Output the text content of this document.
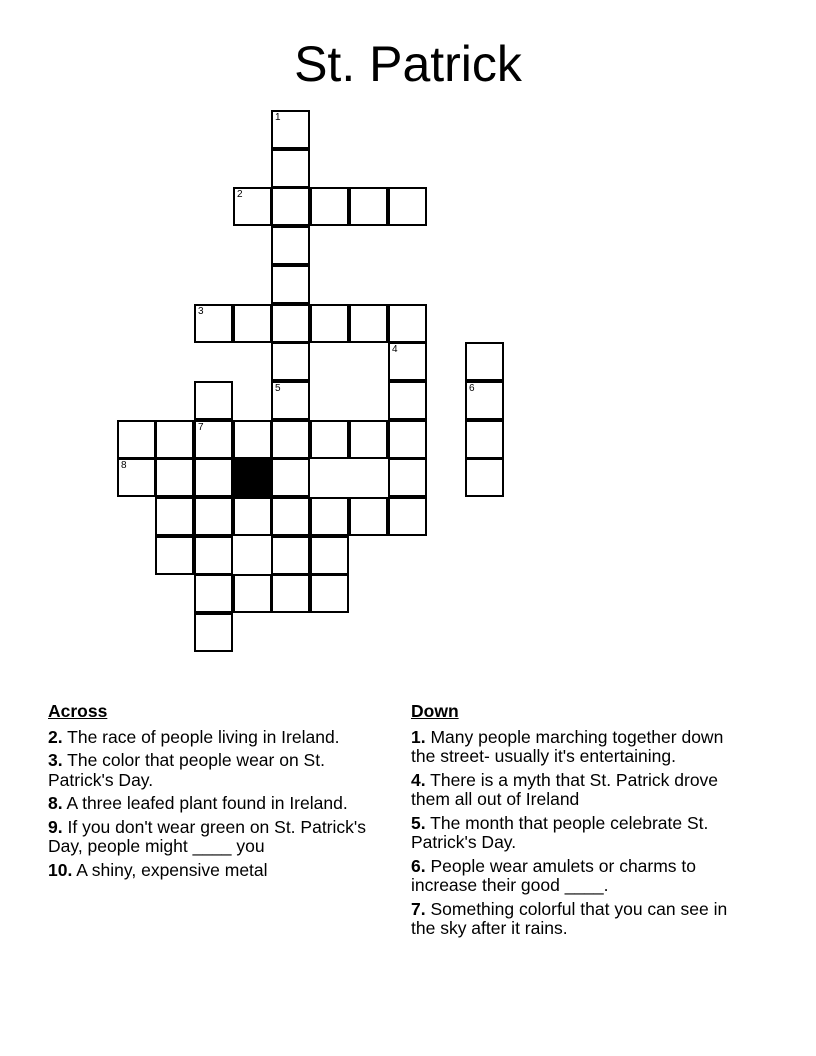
St. Patrick
1
4
5	6
2
3
7
8
Across
2. The race of people living in Ireland.
3. The color that people wear on St. Patrick's Day.
8. A three leafed plant found in Ireland.
9. If you don't wear green on St. Patrick's Day, people might ____ you
10. A shiny, expensive metal
Down
1. Many people marching together down the street- usually it's entertaining.
4. There is a myth that St. Patrick drove them all out of Ireland
5. The month that people celebrate St. Patrick's Day.
6. People wear amulets or charms to increase their good ____.
7. Something colorful that you can see in the sky after it rains.
